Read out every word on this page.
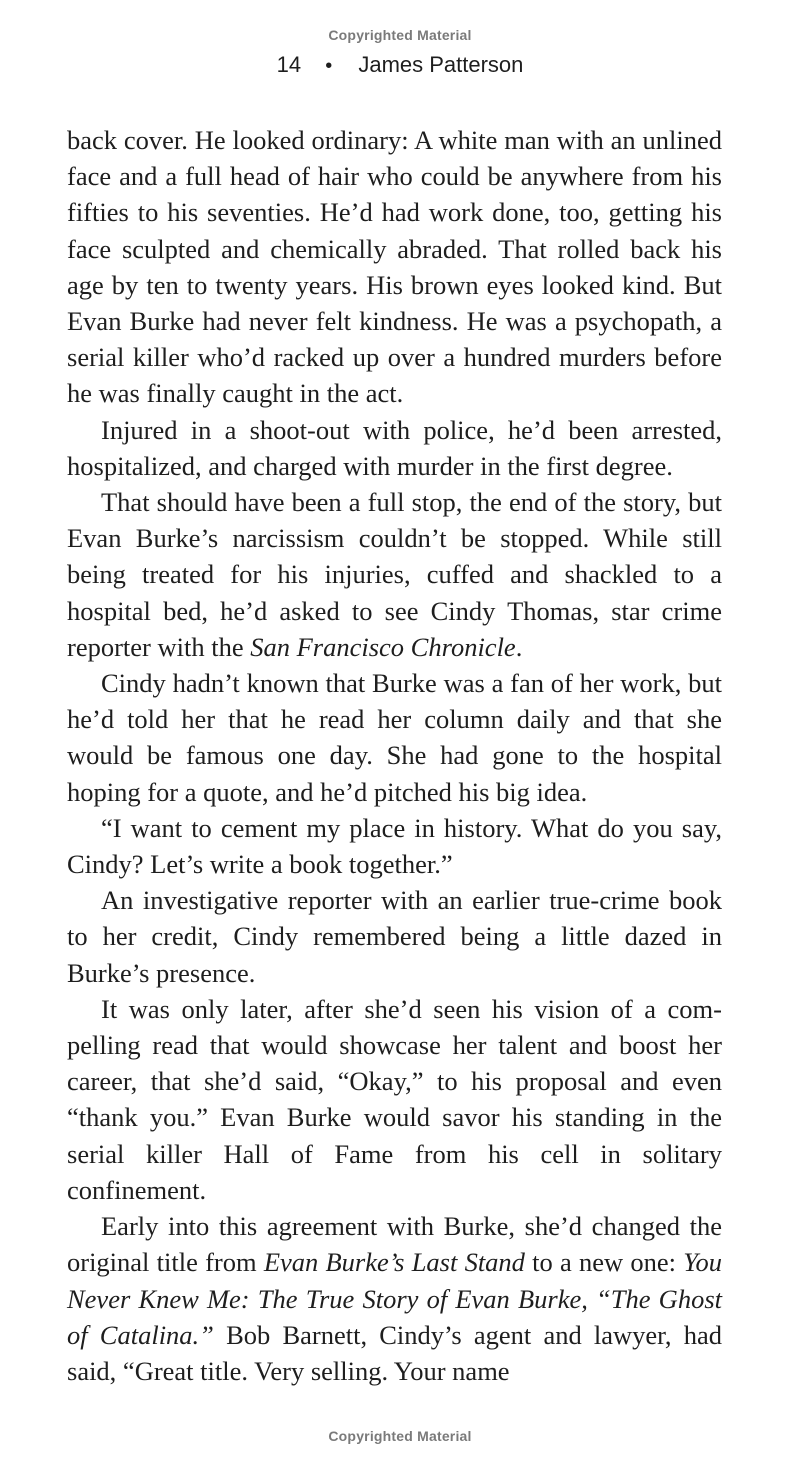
Copyrighted Material
14 • James Patterson

back cover. He looked ordinary: A white man with an unlined face and a full head of hair who could be anywhere from his fifties to his seventies. He’d had work done, too, getting his face sculpted and chemically abraded. That rolled back his age by ten to twenty years. His brown eyes looked kind. But Evan Burke had never felt kindness. He was a psychopath, a serial killer who’d racked up over a hundred murders before he was finally caught in the act.

Injured in a shoot-out with police, he’d been arrested, hospitalized, and charged with murder in the first degree.

That should have been a full stop, the end of the story, but Evan Burke’s narcissism couldn’t be stopped. While still being treated for his injuries, cuffed and shackled to a hospital bed, he’d asked to see Cindy Thomas, star crime reporter with the San Francisco Chronicle.

Cindy hadn’t known that Burke was a fan of her work, but he’d told her that he read her column daily and that she would be famous one day. She had gone to the hospital hoping for a quote, and he’d pitched his big idea.

“I want to cement my place in history. What do you say, Cindy? Let’s write a book together.”

An investigative reporter with an earlier true-crime book to her credit, Cindy remembered being a little dazed in Burke’s presence.

It was only later, after she’d seen his vision of a compelling read that would showcase her talent and boost her career, that she’d said, “Okay,” to his proposal and even “thank you.” Evan Burke would savor his standing in the serial killer Hall of Fame from his cell in solitary confinement.

Early into this agreement with Burke, she’d changed the original title from Evan Burke’s Last Stand to a new one: You Never Knew Me: The True Story of Evan Burke, “The Ghost of Catalina.” Bob Barnett, Cindy’s agent and lawyer, had said, “Great title. Very selling. Your name

Copyrighted Material
